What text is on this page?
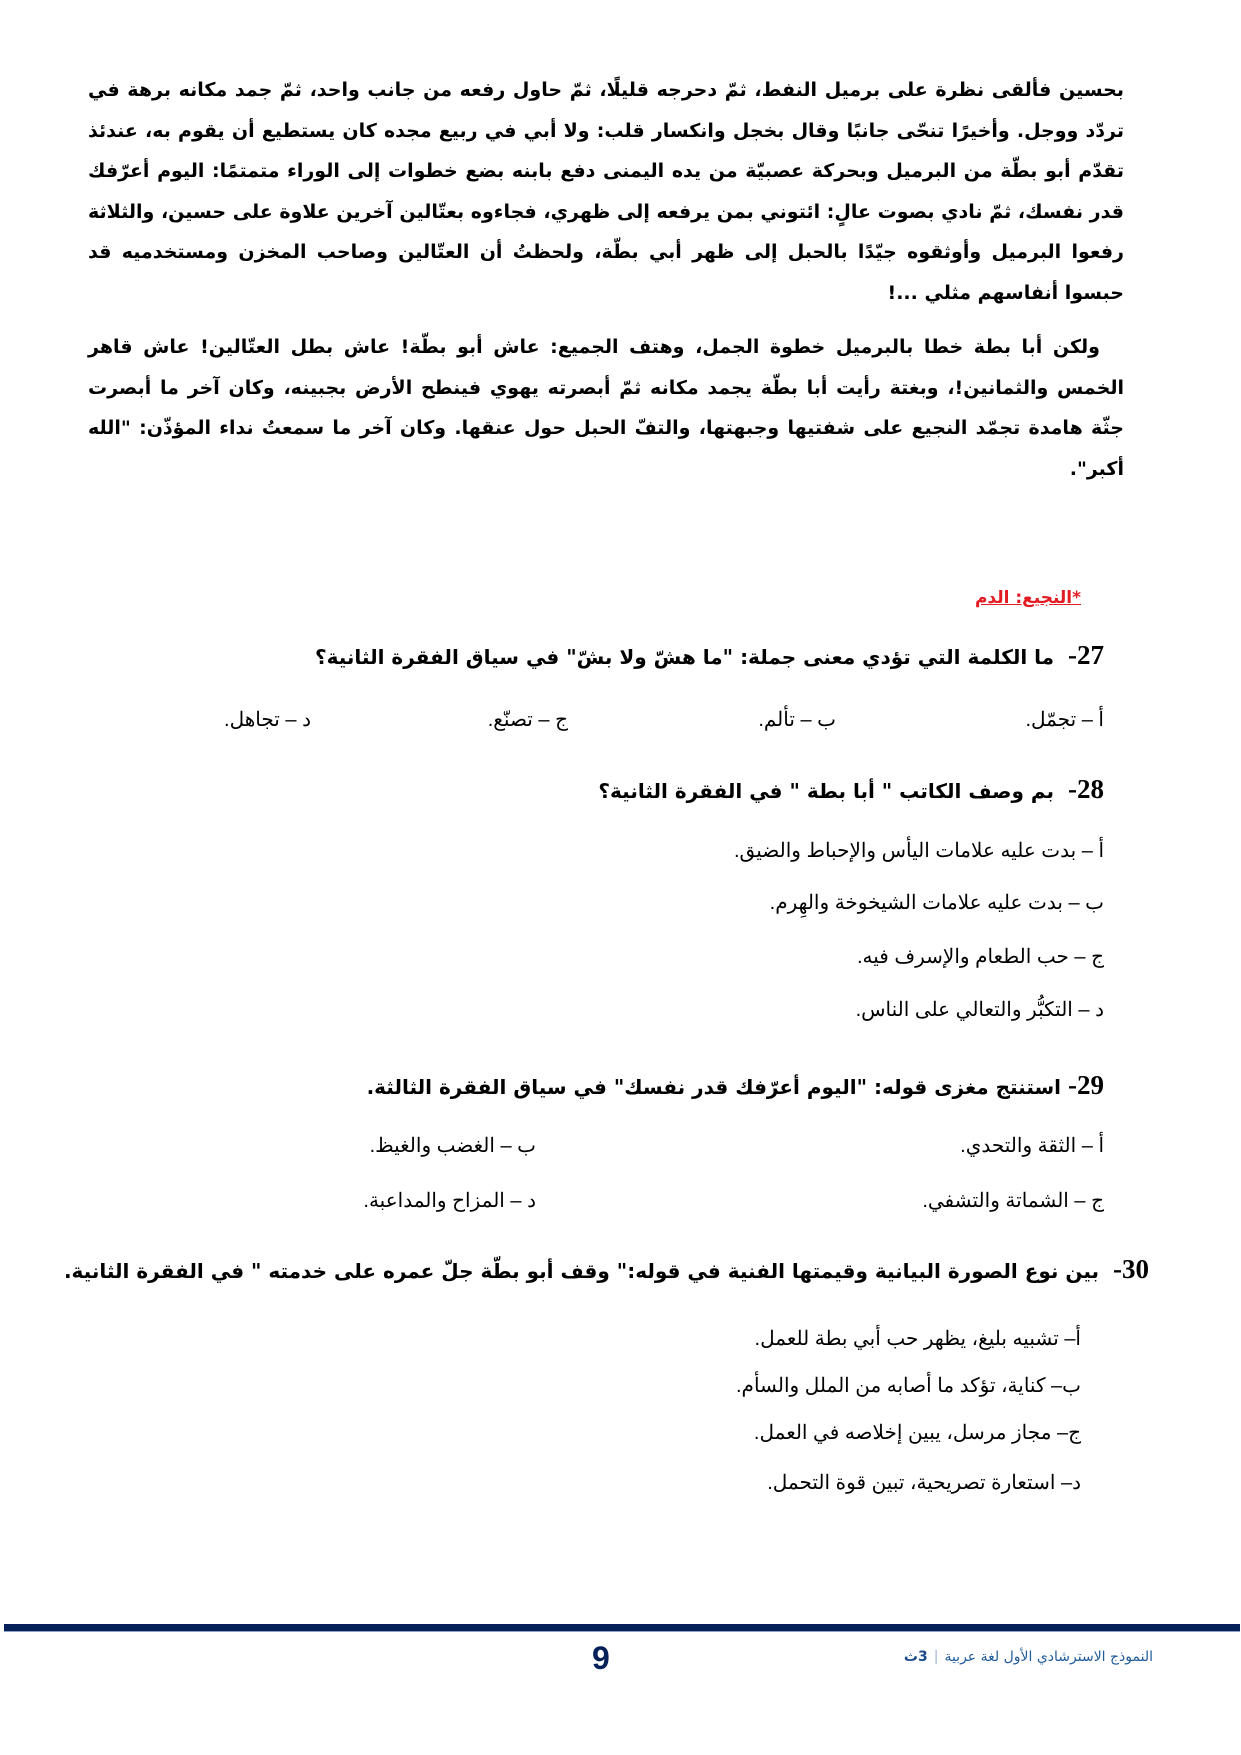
بحسين فألقى نظرة على برميل النفط، ثمّ دحرجه قليلًا، ثمّ حاول رفعه من جانب واحد، ثمّ جمد مكانه برهة في تردّد ووجل. وأخيرًا تنحّى جانبًا وقال بخجل وانكسار قلب: ولا أبي في ربيع مجده كان يستطيع أن يقوم به، عندئذ تقدّم أبو بطّة من البرميل وبحركة عصبيّة من يده اليمنى دفع بابنه بضع خطوات إلى الوراء متمتمًا: اليوم أعرّفك قدر نفسك، ثمّ نادي بصوت عالٍ: ائتوني بمن يرفعه إلى ظهري، فجاءوه بعتّالين آخرين علاوة على حسين، والثلاثة رفعوا البرميل وأوثقوه جيّدًا بالحبل إلى ظهر أبي بطّة، ولحظتُ أن العتّالين وصاحب المخزن ومستخدميه قد حبسوا أنفاسهم مثلي ...!

ولكن أبا بطة خطا بالبرميل خطوة الجمل، وهتف الجميع: عاش أبو بطّة! عاش بطل العتّالين! عاش قاهر الخمس والثمانين!، وبغتة رأيت أبا بطّة يجمد مكانه ثمّ أبصرته يهوي فينطح الأرض بجبينه، وكان آخر ما أبصرت جثّة هامدة تجمّد النجيع على شفتيها وجبهتها، والتفّ الحبل حول عنقها. وكان آخر ما سمعتُ نداء المؤذّن: "الله أكبر".

*النجيع: الدم
27-  ما الكلمة التي تؤدي معنى جملة: "ما هشّ ولا بشّ" في سياق الفقرة الثانية؟
أ – تجمّل.
ب – تألم.
ج – تصنّع.
د – تجاهل.
28-  بم وصف الكاتب " أبا بطة " في الفقرة الثانية؟
أ – بدت عليه علامات اليأس والإحباط والضيق.
ب – بدت عليه علامات الشيخوخة والهِرم.
ج – حب الطعام والإسرف فيه.
د – التكبُّر والتعالي على الناس.
29- استنتج مغزى قوله: "اليوم أعرّفك قدر نفسك" في سياق الفقرة الثالثة.
أ – الثقة والتحدي.
ب – الغضب والغيظ.
ج – الشماتة والتشفي.
د – المزاح والمداعبة.
30-  بين نوع الصورة البيانية وقيمتها الفنية في قوله:" وقف أبو بطّة جلّ عمره على خدمته " في الفقرة الثانية.
أ– تشبيه بليغ، يظهر حب أبي بطة للعمل.
ب– كناية، تؤكد ما أصابه من الملل والسأم.
ج– مجاز مرسل، يبين إخلاصه في العمل.
د– استعارة تصريحية، تبين قوة التحمل.
9	النموذج الاسترشادي الأول لغة عربية|3ث
